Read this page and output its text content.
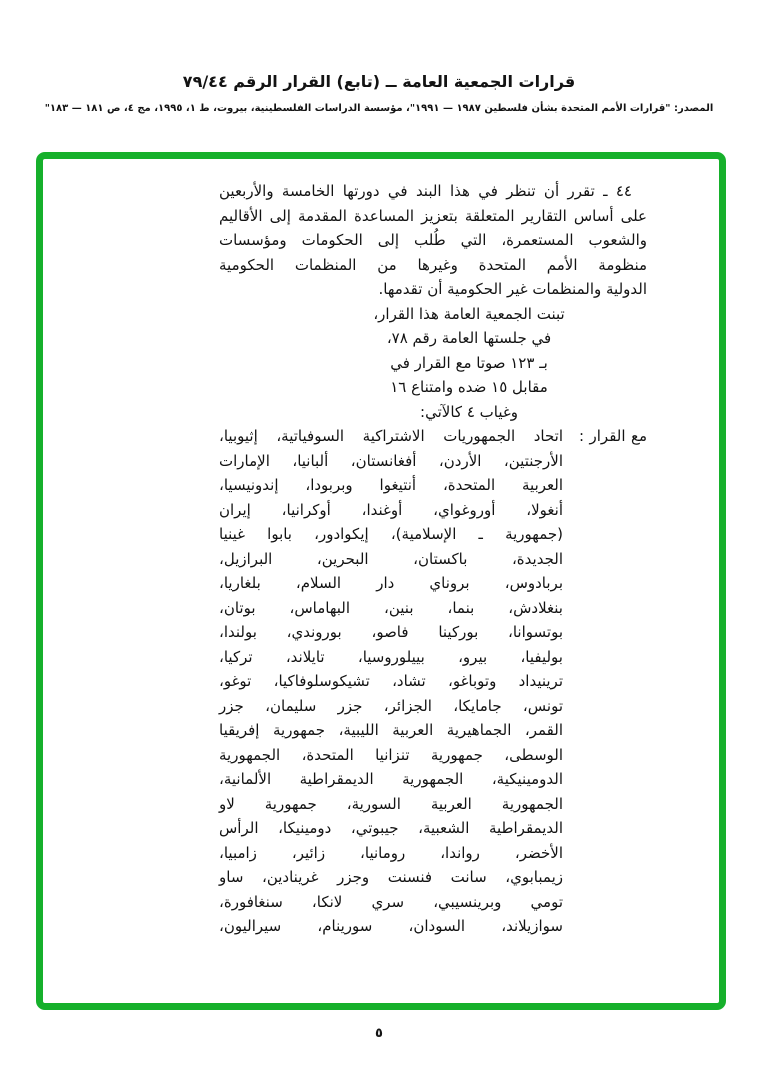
قرارات الجمعية العامة ــ (تابع) القرار الرقم ٧٩/٤٤
المصدر: "قرارات الأمم المتحدة بشأن فلسطين ١٩٨٧ — ١٩٩١"، مؤسسة الدراسات الفلسطينية، بيروت، ط ١، ١٩٩٥، مج ٤، ص ١٨١ — ١٨٣"
٤٤ ـ تقرر أن تنظر في هذا البند في دورتها الخامسة والأربعين
على أساس التقارير المتعلقة بتعزيز المساعدة المقدمة إلى الأقاليم
والشعوب المستعمرة، التي طُلب إلى الحكومات ومؤسسات
منظومة الأمم المتحدة وغيرها من المنظمات الحكومية
الدولية والمنظمات غير الحكومية أن تقدمها.
تبنت الجمعية العامة هذا القرار،
في جلستها العامة رقم ٧٨،
بـ ١٢٣ صوتا مع القرار في
مقابل ١٥ ضده وامتناع ١٦
وغياب ٤ كالآتي:
مع القرار :
اتحاد الجمهوريات الاشتراكية السوفياتية، إثيوبيا،
الأرجنتين، الأردن، أفغانستان، ألبانيا، الإمارات
العربية المتحدة، أنتيغوا وبربودا، إندونيسيا،
أنغولا، أوروغواي، أوغندا، أوكرانيا، إيران
(جمهورية ـ الإسلامية)، إيكوادور، بابوا غينيا
الجديدة، باكستان، البحرين، البرازيل،
بربادوس، بروناي دار السلام، بلغاريا،
بنغلادش، بنما، بنين، البهاماس، بوتان،
بوتسوانا، بوركينا فاصو، بوروندي، بولندا،
بوليفيا، بيرو، بييلوروسيا، تايلاند، تركيا،
ترينيداد وتوباغو، تشاد، تشيكوسلوفاكيا، توغو،
تونس، جامايكا، الجزائر، جزر سليمان، جزر
القمر، الجماهيرية العربية الليبية، جمهورية إفريقيا
الوسطى، جمهورية تنزانيا المتحدة، الجمهورية
الدومينيكية، الجمهورية الديمقراطية الألمانية،
الجمهورية العربية السورية، جمهورية لاو
الديمقراطية الشعبية، جيبوتي، دومينيكا، الرأس
الأخضر، رواندا، رومانيا، زائير، زامبيا،
زيمبابوي، سانت فنسنت وجزر غرينادين، ساو
تومي وبرينسيبي، سري لانكا، سنغافورة،
سوازيلاند، السودان، سورينام، سيراليون،
٥
